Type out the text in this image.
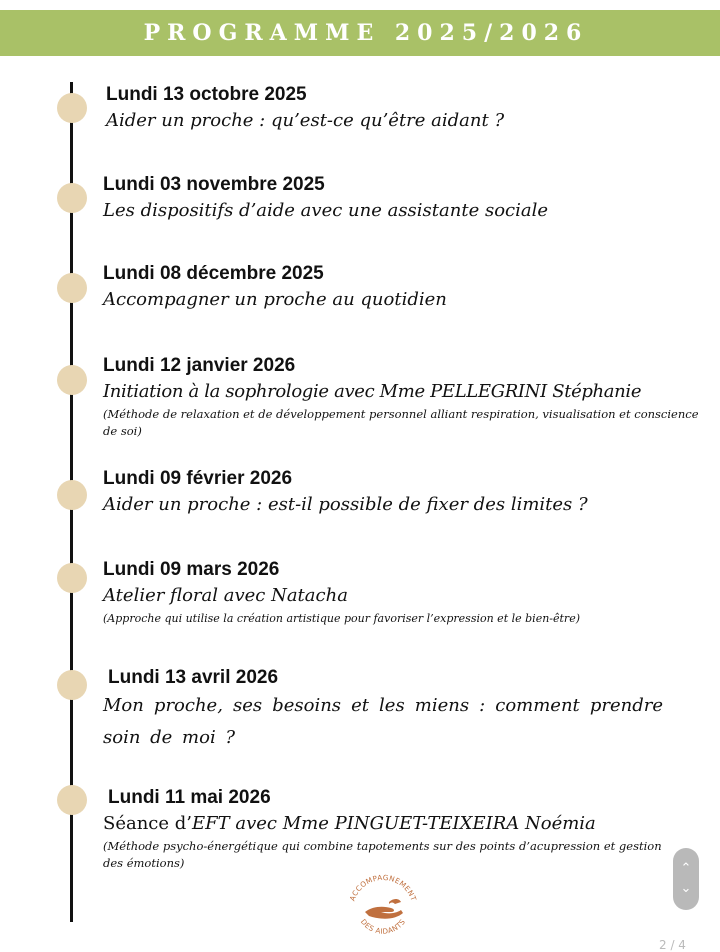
PROGRAMME 2025/2026
Lundi 13 octobre 2025
Aider un proche : qu’est-ce qu’être aidant ?
Lundi 03 novembre 2025
Les dispositifs d’aide avec une assistante sociale
Lundi 08 décembre 2025
Accompagner un proche au quotidien
Lundi 12 janvier 2026
Initiation à la sophrologie avec Mme PELLEGRINI Stéphanie
(Méthode de relaxation et de développement personnel alliant respiration, visualisation et conscience de soi)
Lundi 09 février 2026
Aider un proche : est-il possible de fixer des limites ?
Lundi 09 mars 2026
Atelier floral avec Natacha
(Approche qui utilise la création artistique pour favoriser l’expression et le bien-être)
Lundi 13 avril 2026
Mon proche, ses besoins et les miens : comment prendre soin de moi ?
Lundi 11 mai 2026
Séance d’EFT avec Mme PINGUET-TEIXEIRA Noémia
(Méthode psycho-énergétique qui combine tapotements sur des points d’acupression et gestion des émotions)
ACCOMPAGNEMENT
DES AIDANTS
⌃
⌄
2 / 4
